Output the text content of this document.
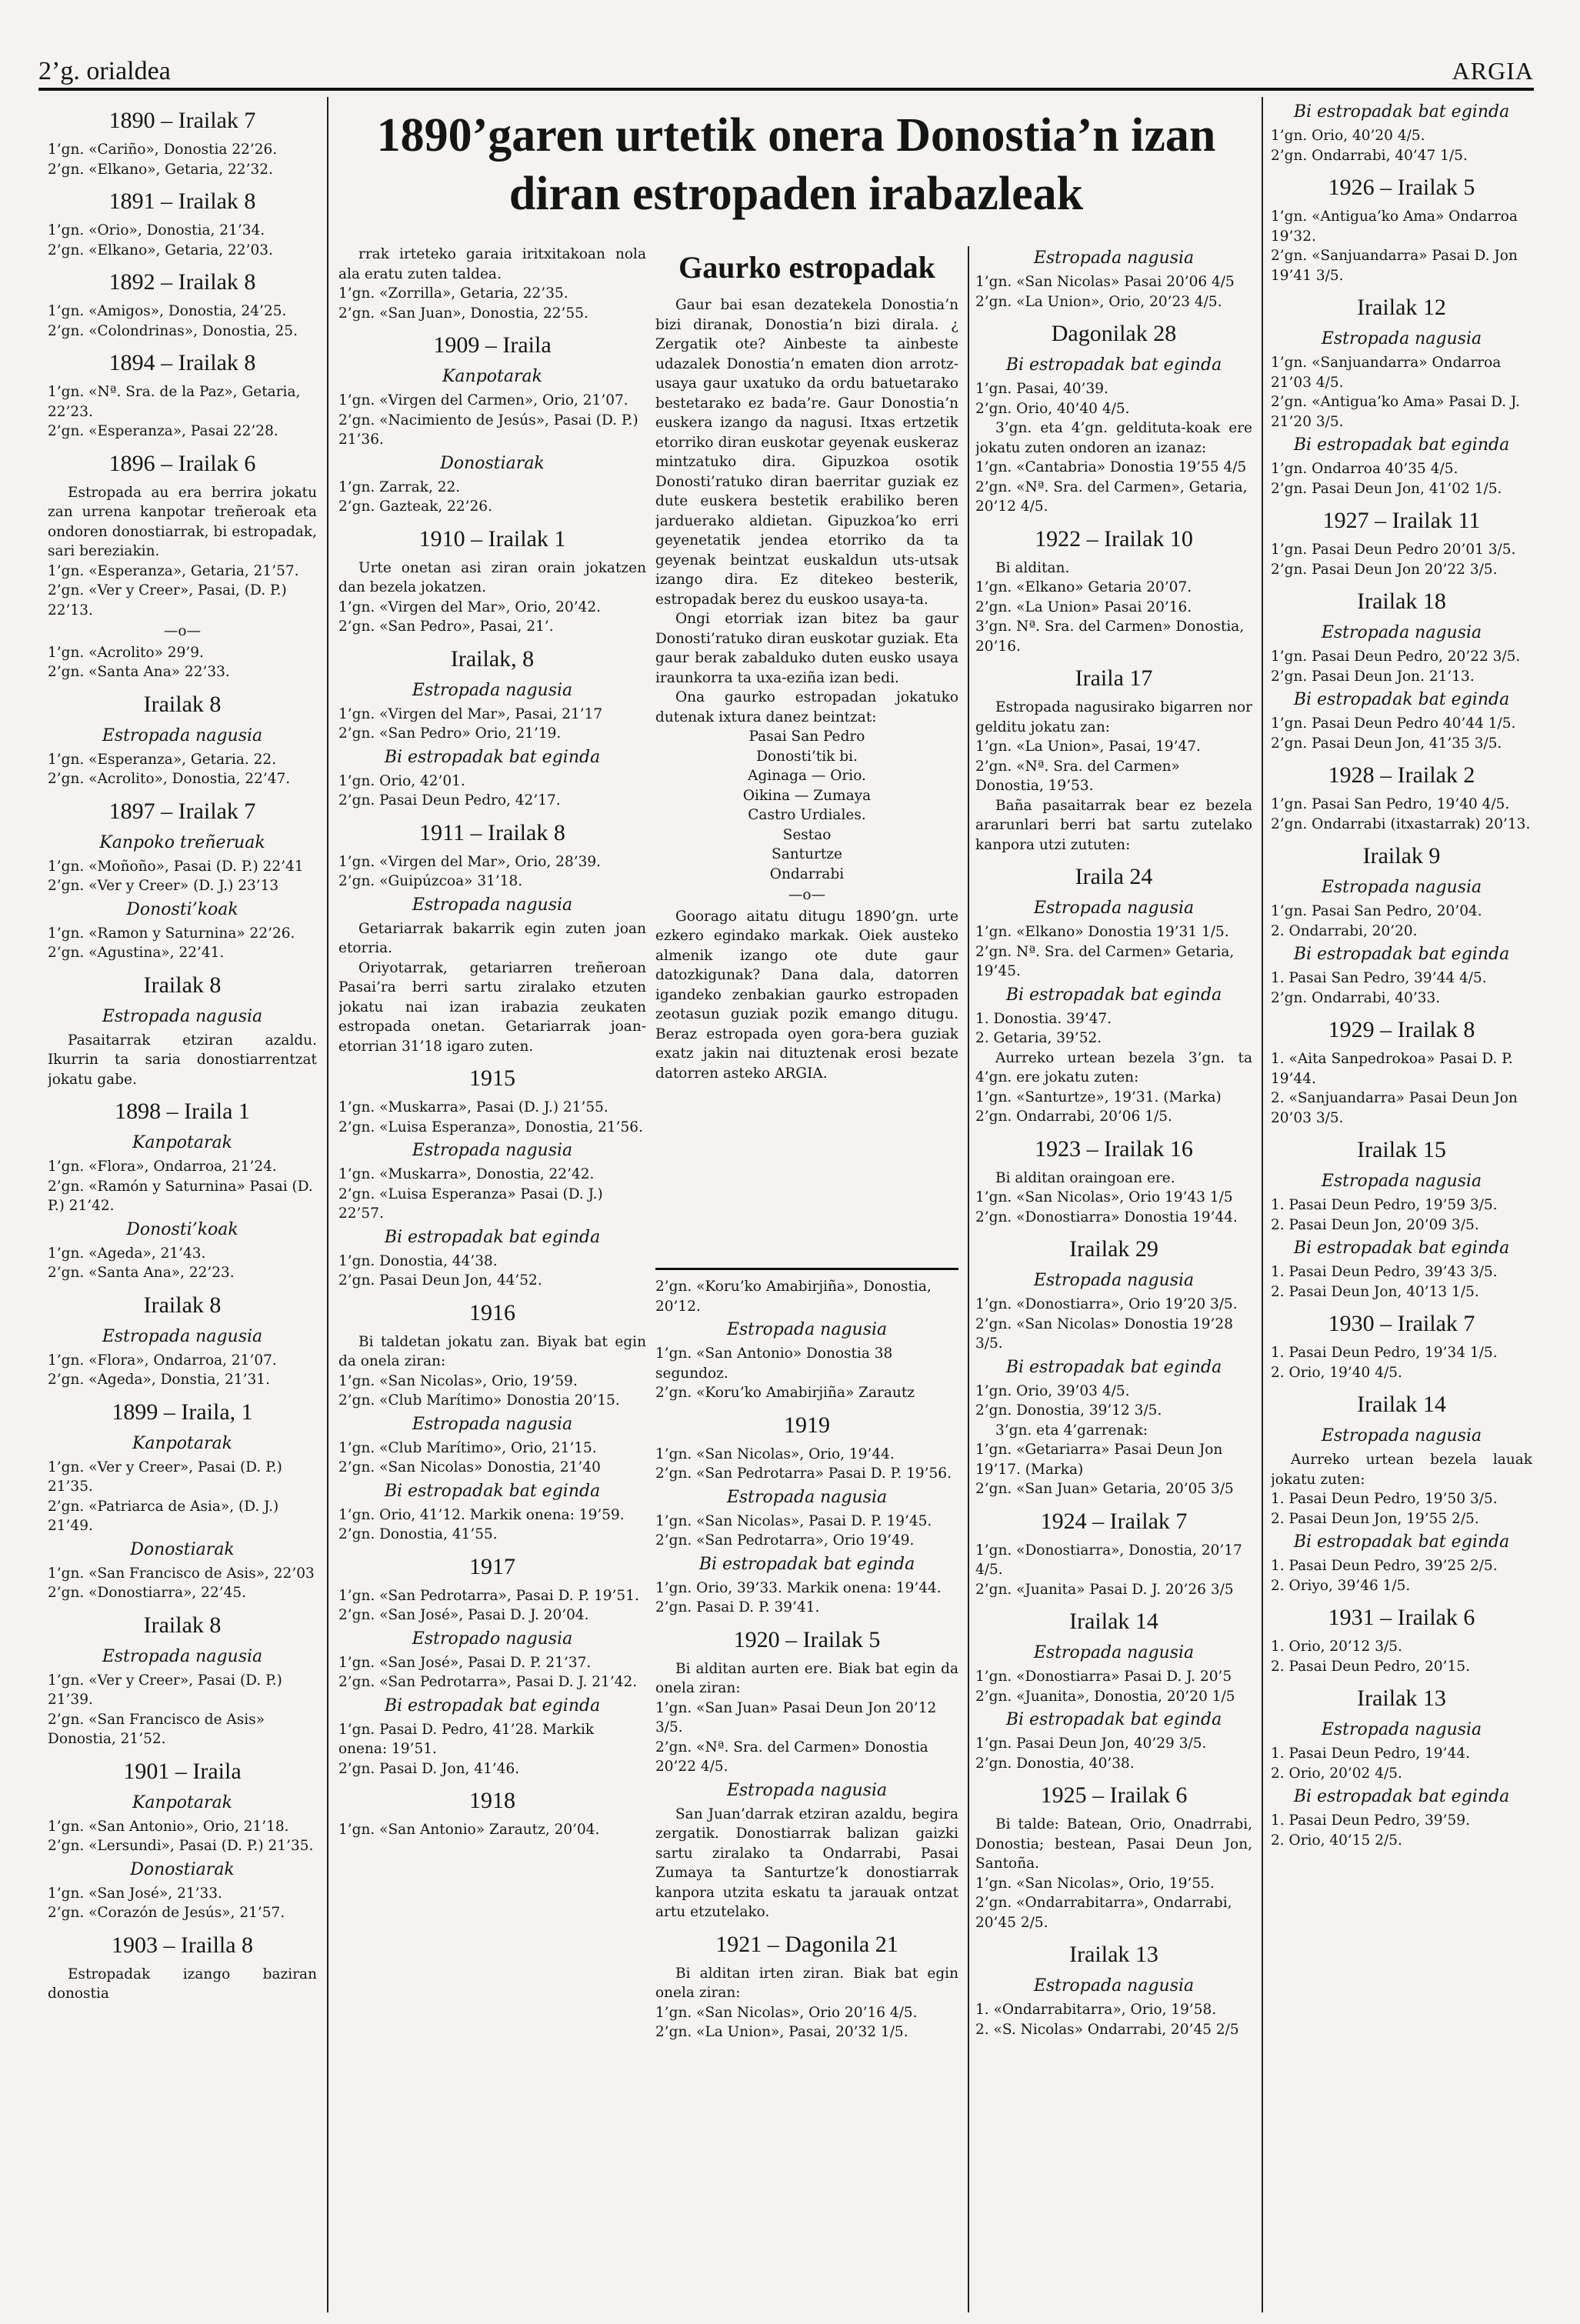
2’g. orialdea	ARGIA
1890’garen urtetik onera Donostia’n izan
diran estropaden irabazleak
1890 – Irailak 7

1’gn. «Cariño», Donostia 22’26.

2’gn. «Elkano», Getaria, 22’32.

1891 – Irailak 8

1’gn. «Orio», Donostia, 21’34.

2’gn. «Elkano», Getaria, 22’03.

1892 – Irailak 8

1’gn. «Amigos», Donostia, 24’25.

2’gn. «Colondrinas», Donostia, 25.

1894 – Irailak 8

1’gn. «Nª. Sra. de la Paz», Getaria, 22’23.

2’gn. «Esperanza», Pasai 22’28.

1896 – Irailak 6

Estropada au era berrira jokatu zan urrena kanpotar treñeroak eta ondoren donostiarrak, bi estropadak, sari bereziakin.

1’gn. «Esperanza», Getaria, 21’57.

2’gn. «Ver y Creer», Pasai, (D. P.) 22’13.

—o—

1’gn. «Acrolito» 29’9.

2’gn. «Santa Ana» 22’33.

Irailak 8
Estropada nagusia

1’gn. «Esperanza», Getaria. 22.

2’gn. «Acrolito», Donostia, 22’47.

1897 – Irailak 7
Kanpoko treñeruak

1’gn. «Moñoño», Pasai (D. P.) 22’41

2’gn. «Ver y Creer» (D. J.) 23’13

Donosti’koak

1’gn. «Ramon y Saturnina» 22’26.

2’gn. «Agustina», 22’41.

Irailak 8
Estropada nagusia

Pasaitarrak etziran azaldu. Ikurrin ta saria donostiarrentzat jokatu gabe.

1898 – Iraila 1
Kanpotarak

1’gn. «Flora», Ondarroa, 21’24.

2’gn. «Ramón y Saturnina» Pasai (D. P.) 21’42.

Donosti’koak

1’gn. «Ageda», 21’43.

2’gn. «Santa Ana», 22’23.

Irailak 8
Estropada nagusia

1’gn. «Flora», Ondarroa, 21’07.

2’gn. «Ageda», Donstia, 21’31.

1899 – Iraila, 1
Kanpotarak

1’gn. «Ver y Creer», Pasai (D. P.) 21’35.

2’gn. «Patriarca de Asia», (D. J.) 21’49.

Donostiarak

1’gn. «San Francisco de Asis», 22’03

2’gn. «Donostiarra», 22’45.

Irailak 8
Estropada nagusia

1’gn. «Ver y Creer», Pasai (D. P.) 21’39.

2’gn. «San Francisco de Asis» Donostia, 21’52.

1901 – Iraila
Kanpotarak

1’gn. «San Antonio», Orio, 21’18.

2’gn. «Lersundi», Pasai (D. P.) 21’35.

Donostiarak

1’gn. «San José», 21’33.

2’gn. «Corazón de Jesús», 21’57.

1903 – Irailla 8

Estropadak izango baziran donostia

rrak irteteko garaia iritxitakoan nola ala eratu zuten taldea.

1’gn. «Zorrilla», Getaria, 22’35.

2’gn. «San Juan», Donostia, 22’55.

1909 – Iraila
Kanpotarak

1’gn. «Virgen del Carmen», Orio, 21’07.

2’gn. «Nacimiento de Jesús», Pasai (D. P.) 21’36.

Donostiarak

1’gn. Zarrak, 22.

2’gn. Gazteak, 22’26.

1910 – Irailak 1

Urte onetan asi ziran orain jokatzen dan bezela jokatzen.

1’gn. «Virgen del Mar», Orio, 20’42.

2’gn. «San Pedro», Pasai, 21’.

Irailak, 8
Estropada nagusia

1’gn. «Virgen del Mar», Pasai, 21’17

2’gn. «San Pedro» Orio, 21’19.

Bi estropadak bat eginda

1’gn. Orio, 42’01.

2’gn. Pasai Deun Pedro, 42’17.

1911 – Irailak 8

1’gn. «Virgen del Mar», Orio, 28’39.

2’gn. «Guipúzcoa» 31’18.

Estropada nagusia

Getariarrak bakarrik egin zuten joan etorria.

Oriyotarrak, getariarren treñeroan Pasai’ra berri sartu ziralako etzuten jokatu nai izan irabazia zeukaten estropada onetan. Getariarrak joan-etorrian 31’18 igaro zuten.

1915

1’gn. «Muskarra», Pasai (D. J.) 21’55.

2’gn. «Luisa Esperanza», Donostia, 21’56.

Estropada nagusia

1’gn. «Muskarra», Donostia, 22’42.

2’gn. «Luisa Esperanza» Pasai (D. J.) 22’57.

Bi estropadak bat eginda

1’gn. Donostia, 44’38.

2’gn. Pasai Deun Jon, 44’52.

1916

Bi taldetan jokatu zan. Biyak bat egin da onela ziran:

1’gn. «San Nicolas», Orio, 19’59.

2’gn. «Club Marítimo» Donostia 20’15.

Estropada nagusia

1’gn. «Club Marítimo», Orio, 21’15.

2’gn. «San Nicolas» Donostia, 21’40

Bi estropadak bat eginda

1’gn. Orio, 41’12. Markik onena: 19’59.

2’gn. Donostia, 41’55.

1917

1’gn. «San Pedrotarra», Pasai D. P. 19’51.

2’gn. «San José», Pasai D. J. 20’04.

Estropado nagusia

1’gn. «San José», Pasai D. P. 21’37.

2’gn. «San Pedrotarra», Pasai D. J. 21’42.

Bi estropadak bat eginda

1’gn. Pasai D. Pedro, 41’28. Markik onena: 19’51.

2’gn. Pasai D. Jon, 41’46.

1918

1’gn. «San Antonio» Zarautz, 20’04.

Gaurko estropadak

Gaur bai esan dezatekela Donostia’n bizi diranak, Donostia’n bizi dirala. ¿ Zergatik ote? Ainbeste ta ainbeste udazalek Donostia’n ematen dion arrotz-usaya gaur uxatuko da ordu batuetarako bestetarako ez bada’re. Gaur Donostia’n euskera izango da nagusi. Itxas ertzetik etorriko diran euskotar geyenak euskeraz mintzatuko dira. Gipuzkoa osotik Donosti’ratuko diran baerritar guziak ez dute euskera bestetik erabiliko beren jarduerako aldietan. Gipuzkoa’ko erri geyenetatik jendea etorriko da ta geyenak beintzat euskaldun uts-utsak izango dira. Ez ditekeo besterik, estropadak berez du euskoo usaya-ta.

Ongi etorriak izan bitez ba gaur Donosti’ratuko diran euskotar guziak. Eta gaur berak zabalduko duten eusko usaya iraunkorra ta uxa-eziña izan bedi.

Ona gaurko estropadan jokatuko dutenak ixtura danez beintzat:

Pasai San Pedro

Donosti’tik bi.

Aginaga — Orio.

Oikina — Zumaya

Castro Urdiales.

Sestao

Santurtze

Ondarrabi

—o—

Goorago aitatu ditugu 1890’gn. urte ezkero egindako markak. Oiek austeko almenik izango ote dute gaur datozkigunak? Dana dala, datorren igandeko zenbakian gaurko estropaden zeotasun guziak pozik emango ditugu. Beraz estropada oyen gora-bera guziak exatz jakin nai dituztenak erosi bezate datorren asteko ARGIA.

2’gn. «Koru’ko Amabirjiña», Donostia, 20’12.

Estropada nagusia

1’gn. «San Antonio» Donostia 38 segundoz.

2’gn. «Koru’ko Amabirjiña» Zarautz

1919

1’gn. «San Nicolas», Orio, 19’44.

2’gn. «San Pedrotarra» Pasai D. P. 19’56.

Estropada nagusia

1’gn. «San Nicolas», Pasai D. P. 19’45.

2’gn. «San Pedrotarra», Orio 19’49.

Bi estropadak bat eginda

1’gn. Orio, 39’33. Markik onena: 19’44.

2’gn. Pasai D. P. 39’41.

1920 – Irailak 5

Bi alditan aurten ere. Biak bat egin da onela ziran:

1’gn. «San Juan» Pasai Deun Jon 20’12 3/5.

2’gn. «Nª. Sra. del Carmen» Donostia 20’22 4/5.

Estropada nagusia

San Juan’darrak etziran azaldu, begira zergatik. Donostiarrak balizan gaizki sartu ziralako ta Ondarrabi, Pasai Zumaya ta Santurtze’k donostiarrak kanpora utzita eskatu ta jarauak ontzat artu etzutelako.

1921 – Dagonila 21

Bi alditan irten ziran. Biak bat egin onela ziran:

1’gn. «San Nicolas», Orio 20’16 4/5.

2’gn. «La Union», Pasai, 20’32 1/5.

Estropada nagusia

1’gn. «San Nicolas» Pasai 20’06 4/5

2’gn. «La Union», Orio, 20’23 4/5.

Dagonilak 28
Bi estropadak bat eginda

1’gn. Pasai, 40’39.

2’gn. Orio, 40’40 4/5.

3’gn. eta 4’gn. geldituta-koak ere jokatu zuten ondoren an izanaz:

1’gn. «Cantabria» Donostia 19’55 4/5

2’gn. «Nª. Sra. del Carmen», Getaria, 20’12 4/5.

1922 – Irailak 10

Bi alditan.

1’gn. «Elkano» Getaria 20’07.

2’gn. «La Union» Pasai 20’16.

3’gn. Nª. Sra. del Carmen» Donostia, 20’16.

Iraila 17

Estropada nagusirako bigarren nor gelditu jokatu zan:

1’gn. «La Union», Pasai, 19’47.

2’gn. «Nª. Sra. del Carmen» Donostia, 19’53.

Baña pasaitarrak bear ez bezela ararunlari berri bat sartu zutelako kanpora utzi zututen:

Iraila 24
Estropada nagusia

1’gn. «Elkano» Donostia 19’31 1/5.

2’gn. Nª. Sra. del Carmen» Getaria, 19’45.

Bi estropadak bat eginda

1. Donostia. 39’47.

2. Getaria, 39’52.

Aurreko urtean bezela 3’gn. ta 4’gn. ere jokatu zuten:

1’gn. «Santurtze», 19’31. (Marka)

2’gn. Ondarrabi, 20’06 1/5.

1923 – Irailak 16

Bi alditan oraingoan ere.

1’gn. «San Nicolas», Orio 19’43 1/5

2’gn. «Donostiarra» Donostia 19’44.

Irailak 29
Estropada nagusia

1’gn. «Donostiarra», Orio 19’20 3/5.

2’gn. «San Nicolas» Donostia 19’28 3/5.

Bi estropadak bat eginda

1’gn. Orio, 39’03 4/5.

2’gn. Donostia, 39’12 3/5.

3’gn. eta 4’garrenak:

1’gn. «Getariarra» Pasai Deun Jon 19’17. (Marka)

2’gn. «San Juan» Getaria, 20’05 3/5

1924 – Irailak 7

1’gn. «Donostiarra», Donostia, 20’17 4/5.

2’gn. «Juanita» Pasai D. J. 20’26 3/5

Irailak 14
Estropada nagusia

1’gn. «Donostiarra» Pasai D. J. 20’5

2’gn. «Juanita», Donostia, 20’20 1/5

Bi estropadak bat eginda

1’gn. Pasai Deun Jon, 40’29 3/5.

2’gn. Donostia, 40’38.

1925 – Irailak 6

Bi talde: Batean, Orio, Onadrrabi, Donostia; bestean, Pasai Deun Jon, Santoña.

1’gn. «San Nicolas», Orio, 19’55.

2’gn. «Ondarrabitarra», Ondarrabi, 20’45 2/5.

Irailak 13
Estropada nagusia

1. «Ondarrabitarra», Orio, 19’58.

2. «S. Nicolas» Ondarrabi, 20’45 2/5

Bi estropadak bat eginda

1’gn. Orio, 40’20 4/5.

2’gn. Ondarrabi, 40’47 1/5.

1926 – Irailak 5

1’gn. «Antigua’ko Ama» Ondarroa 19’32.

2’gn. «Sanjuandarra» Pasai D. Jon 19’41 3/5.

Irailak 12
Estropada nagusia

1’gn. «Sanjuandarra» Ondarroa 21’03 4/5.

2’gn. «Antigua’ko Ama» Pasai D. J. 21’20 3/5.

Bi estropadak bat eginda

1’gn. Ondarroa 40’35 4/5.

2’gn. Pasai Deun Jon, 41’02 1/5.

1927 – Irailak 11

1’gn. Pasai Deun Pedro 20’01 3/5.

2’gn. Pasai Deun Jon 20’22 3/5.

Irailak 18
Estropada nagusia

1’gn. Pasai Deun Pedro, 20’22 3/5.

2’gn. Pasai Deun Jon. 21’13.

Bi estropadak bat eginda

1’gn. Pasai Deun Pedro 40’44 1/5.

2’gn. Pasai Deun Jon, 41’35 3/5.

1928 – Irailak 2

1’gn. Pasai San Pedro, 19’40 4/5.

2’gn. Ondarrabi (itxastarrak) 20’13.

Irailak 9
Estropada nagusia

1’gn. Pasai San Pedro, 20’04.

2. Ondarrabi, 20’20.

Bi estropadak bat eginda

1. Pasai San Pedro, 39’44 4/5.

2’gn. Ondarrabi, 40’33.

1929 – Irailak 8

1. «Aita Sanpedrokoa» Pasai D. P. 19’44.

2. «Sanjuandarra» Pasai Deun Jon 20’03 3/5.

Irailak 15
Estropada nagusia

1. Pasai Deun Pedro, 19’59 3/5.

2. Pasai Deun Jon, 20’09 3/5.

Bi estropadak bat eginda

1. Pasai Deun Pedro, 39’43 3/5.

2. Pasai Deun Jon, 40’13 1/5.

1930 – Irailak 7

1. Pasai Deun Pedro, 19’34 1/5.

2. Orio, 19’40 4/5.

Irailak 14
Estropada nagusia

Aurreko urtean bezela lauak jokatu zuten:

1. Pasai Deun Pedro, 19’50 3/5.

2. Pasai Deun Jon, 19’55 2/5.

Bi estropadak bat eginda

1. Pasai Deun Pedro, 39’25 2/5.

2. Oriyo, 39’46 1/5.

1931 – Irailak 6

1. Orio, 20’12 3/5.

2. Pasai Deun Pedro, 20’15.

Irailak 13
Estropada nagusia

1. Pasai Deun Pedro, 19’44.

2. Orio, 20’02 4/5.

Bi estropadak bat eginda

1. Pasai Deun Pedro, 39’59.

2. Orio, 40’15 2/5.
